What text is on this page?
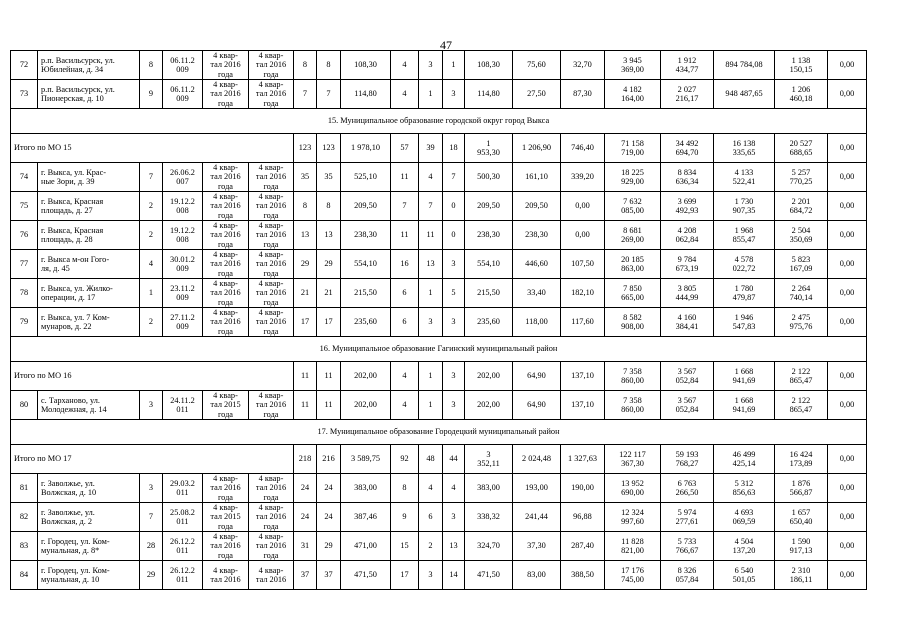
47
72	р.п. Васильсурск, ул.
Юбилейная, д. 34	8	06.11.2
009	4 квар-
тал 2016
года	4 квар-
тал 2016
года	8	8	108,30	4	3	1	108,30	75,60	32,70	3 945
369,00	1 912
434,77	894 784,08	1 138
150,15	0,00
73	р.п. Васильсурск, ул.
Пионерская, д. 10	9	06.11.2
009	4 квар-
тал 2016
года	4 квар-
тал 2016
года	7	7	114,80	4	1	3	114,80	27,50	87,30	4 182
164,00	2 027
216,17	948 487,65	1 206
460,18	0,00
15. Муниципальное образование городской округ город Выкса																			
Итого по МО 15						123	123	1 978,10	57	39	18	1
953,30	1 206,90	746,40	71 158
719,00	34 492
694,70	16 138
335,65	20 527
688,65	0,00
74	г. Выкса, ул. Крас-
ные Зори, д. 39	7	26.06.2
007	4 квар-
тал 2016
года	4 квар-
тал 2016
года	35	35	525,10	11	4	7	500,30	161,10	339,20	18 225
929,00	8 834
636,34	4 133
522,41	5 257
770,25	0,00
75	г. Выкса, Красная
площадь, д. 27	2	19.12.2
008	4 квар-
тал 2016
года	4 квар-
тал 2016
года	8	8	209,50	7	7	0	209,50	209,50	0,00	7 632
085,00	3 699
492,93	1 730
907,35	2 201
684,72	0,00
76	г. Выкса, Красная
площадь, д. 28	2	19.12.2
008	4 квар-
тал 2016
года	4 квар-
тал 2016
года	13	13	238,30	11	11	0	238,30	238,30	0,00	8 681
269,00	4 208
062,84	1 968
855,47	2 504
350,69	0,00
77	г. Выкса м-он Гого-
ля, д. 45	4	30.01.2
009	4 квар-
тал 2016
года	4 квар-
тал 2016
года	29	29	554,10	16	13	3	554,10	446,60	107,50	20 185
863,00	9 784
673,19	4 578
022,72	5 823
167,09	0,00
78	г. Выкса, ул. Жилко-
операции, д. 17	1	23.11.2
009	4 квар-
тал 2016
года	4 квар-
тал 2016
года	21	21	215,50	6	1	5	215,50	33,40	182,10	7 850
665,00	3 805
444,99	1 780
479,87	2 264
740,14	0,00
79	г. Выкса, ул. 7 Ком-
мунаров, д. 22	2	27.11.2
009	4 квар-
тал 2016
года	4 квар-
тал 2016
года	17	17	235,60	6	3	3	235,60	118,00	117,60	8 582
908,00	4 160
384,41	1 946
547,83	2 475
975,76	0,00
16. Муниципальное образование Гагинский муниципальный район																			
Итого по МО 16						11	11	202,00	4	1	3	202,00	64,90	137,10	7 358
860,00	3 567
052,84	1 668
941,69	2 122
865,47	0,00
80	с. Тарханово, ул.
Молодежная, д. 14	3	24.11.2
011	4 квар-
тал 2015
года	4 квар-
тал 2016
года	11	11	202,00	4	1	3	202,00	64,90	137,10	7 358
860,00	3 567
052,84	1 668
941,69	2 122
865,47	0,00
17. Муниципальное образование Городецкий муниципальный район																			
Итого по МО 17						218	216	3 589,75	92	48	44	3
352,11	2 024,48	1 327,63	122 117
367,30	59 193
768,27	46 499
425,14	16 424
173,89	0,00
81	г. Заволжье, ул.
Волжская, д. 10	3	29.03.2
011	4 квар-
тал 2016
года	4 квар-
тал 2016
года	24	24	383,00	8	4	4	383,00	193,00	190,00	13 952
690,00	6 763
266,50	5 312
856,63	1 876
566,87	0,00
82	г. Заволжье, ул.
Волжская, д. 2	7	25.08.2
011	4 квар-
тал 2015
года	4 квар-
тал 2016
года	24	24	387,46	9	6	3	338,32	241,44	96,88	12 324
997,60	5 974
277,61	4 693
069,59	1 657
650,40	0,00
83	г. Городец, ул. Ком-
мунальная, д. 8*	28	26.12.2
011	4 квар-
тал 2016
года	4 квар-
тал 2016
года	31	29	471,00	15	2	13	324,70	37,30	287,40	11 828
821,00	5 733
766,67	4 504
137,20	1 590
917,13	0,00
84	г. Городец, ул. Ком-
мунальная, д. 10	29	26.12.2
011	4 квар-
тал 2016	4 квар-
тал 2016	37	37	471,50	17	3	14	471,50	83,00	388,50	17 176
745,00	8 326
057,84	6 540
501,05	2 310
186,11	0,00
